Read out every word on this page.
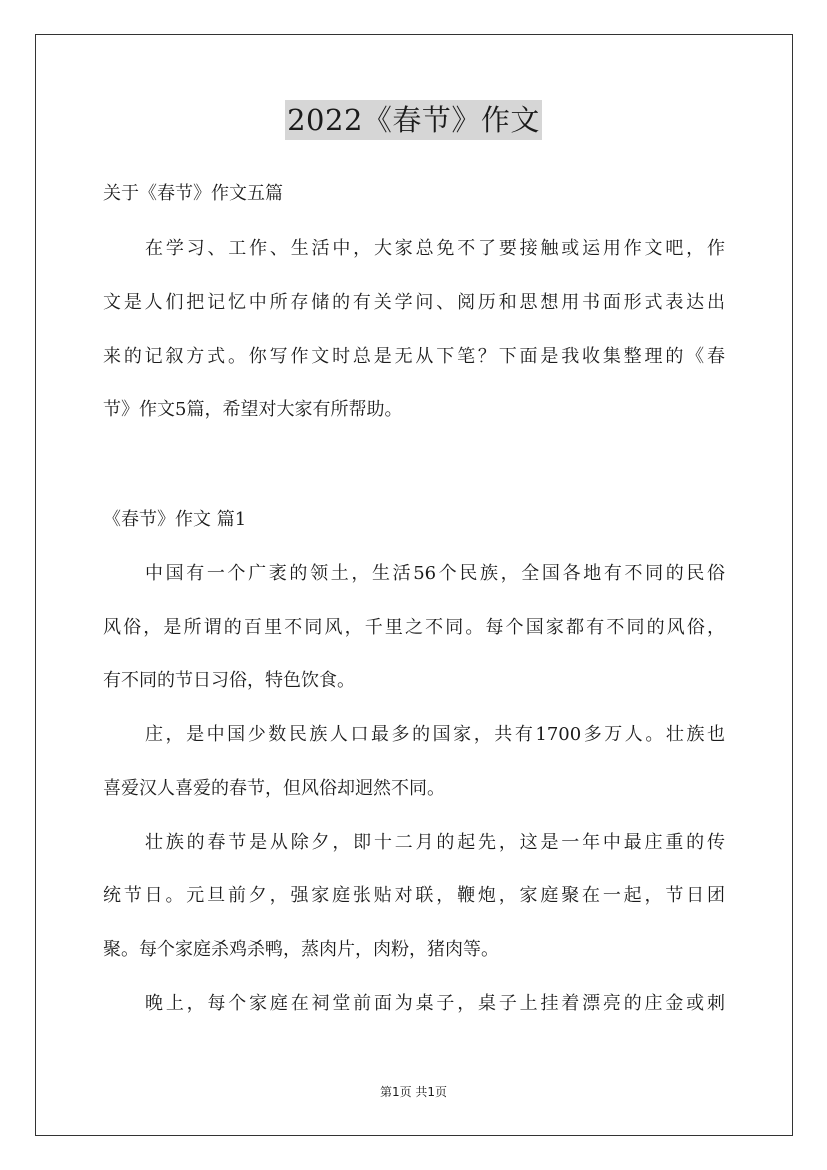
2022《春节》作文
关于《春节》作文五篇
在学习、工作、生活中，大家总免不了要接触或运用作文吧，作
文是人们把记忆中所存储的有关学问、阅历和思想用书面形式表达出
来的记叙方式。你写作文时总是无从下笔？下面是我收集整理的《春
节》作文5篇，希望对大家有所帮助。
《春节》作文 篇1
中国有一个广袤的领土，生活56个民族，全国各地有不同的民俗
风俗，是所谓的百里不同风，千里之不同。每个国家都有不同的风俗，
有不同的节日习俗，特色饮食。
庄，是中国少数民族人口最多的国家，共有1700多万人。壮族也
喜爱汉人喜爱的春节，但风俗却迥然不同。
壮族的春节是从除夕，即十二月的起先，这是一年中最庄重的传
统节日。元旦前夕，强家庭张贴对联，鞭炮，家庭聚在一起，节日团
聚。每个家庭杀鸡杀鸭，蒸肉片，肉粉，猪肉等。
晚上，每个家庭在祠堂前面为桌子，桌子上挂着漂亮的庄金或刺
第1页 共1页
